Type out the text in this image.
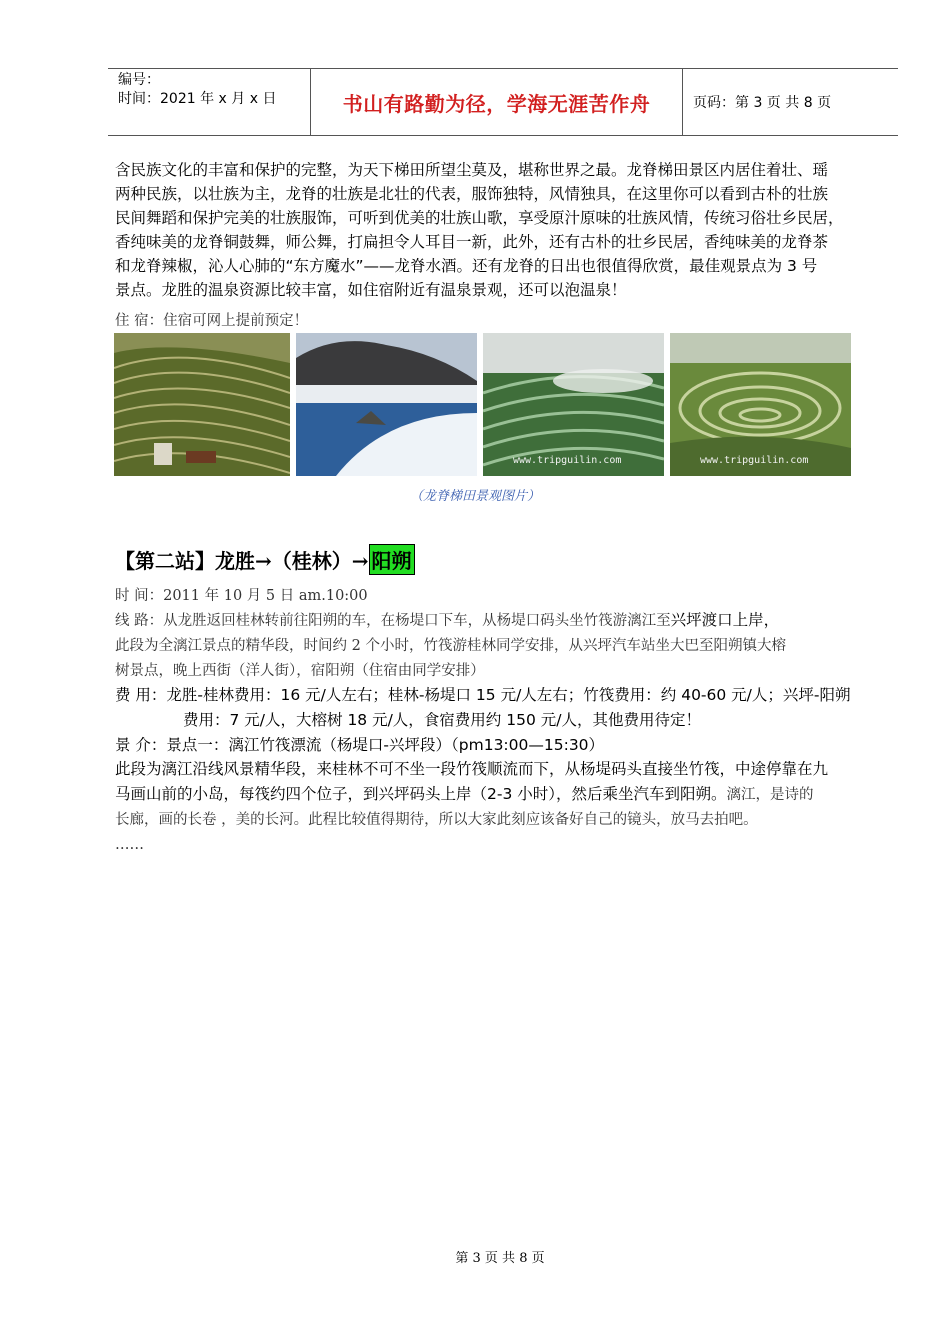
编号：
时间：2021 年 x 月 x 日	书山有路勤为径，学海无涯苦作舟	页码：第 3 页 共 8 页
含民族文化的丰富和保护的完整，为天下梯田所望尘莫及，堪称世界之最。龙脊梯田景区内居住着壮、瑶
两种民族，以壮族为主，龙脊的壮族是北壮的代表，服饰独特，风情独具，在这里你可以看到古朴的壮族
民间舞蹈和保护完美的壮族服饰，可听到优美的壮族山歌，享受原汁原味的壮族风情，传统习俗壮乡民居，
香纯味美的龙脊铜鼓舞，师公舞，打扁担令人耳目一新，此外，还有古朴的壮乡民居，香纯味美的龙脊茶
和龙脊辣椒，沁人心肺的“东方魔水”——龙脊水酒。还有龙脊的日出也很值得欣赏，最佳观景点为 3 号
景点。龙胜的温泉资源比较丰富，如住宿附近有温泉景观，还可以泡温泉！
住 宿：住宿可网上提前预定！
www.tripguilin.com	www.tripguilin.com
（龙脊梯田景观图片）
【第二站】龙胜→（桂林）→ 阳朔
时 间：2011 年 10 月 5 日 am.10:00
线 路：从龙胜返回桂林转前往阳朔的车，在杨堤口下车，从杨堤口码头坐竹筏游漓江至兴坪渡口上岸，
此段为全漓江景点的精华段，时间约 2 个小时，竹筏游桂林同学安排，从兴坪汽车站坐大巴至阳朔镇大榕
树景点，晚上西街（洋人街），宿阳朔（住宿由同学安排）
费 用：龙胜-桂林费用：16 元/人左右；桂林-杨堤口 15 元/人左右；竹筏费用：约 40-60 元/人；兴坪-阳朔
费用：7 元/人，大榕树 18 元/人，食宿费用约 150 元/人，其他费用待定！
景 介：景点一：漓江竹筏漂流（杨堤口-兴坪段）（pm13:00—15:30）
此段为漓江沿线风景精华段，来桂林不可不坐一段竹筏顺流而下，从杨堤码头直接坐竹筏，中途停靠在九
马画山前的小岛，每筏约四个位子，到兴坪码头上岸（2-3 小时），然后乘坐汽车到阳朔。漓江，是诗的
长廊，画的长卷 ，美的长河。此程比较值得期待，所以大家此刻应该备好自己的镜头，放马去拍吧。
……
第 3 页 共 8 页
